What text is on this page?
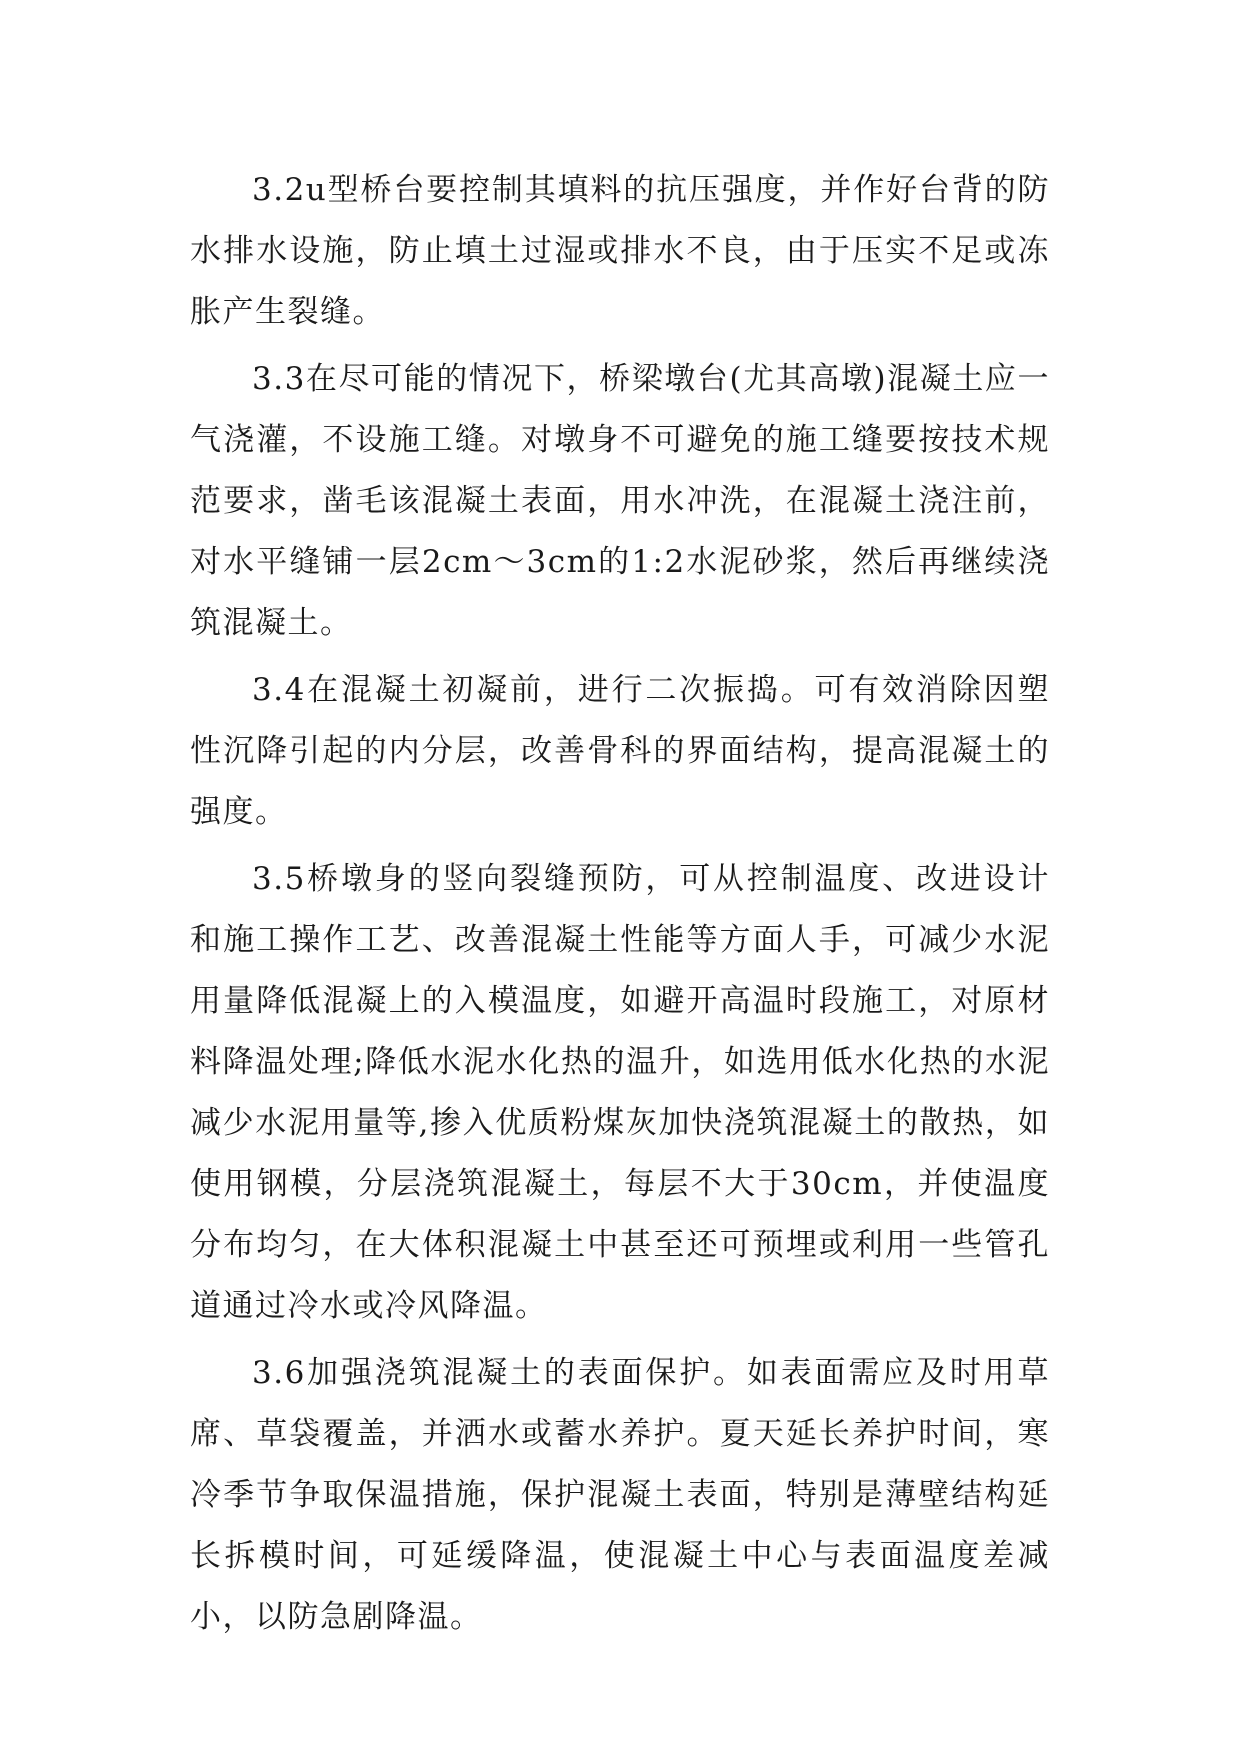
3.2u型桥台要控制其填料的抗压强度，并作好台背的防水排水设施，防止填土过湿或排水不良，由于压实不足或冻胀产生裂缝。

3.3在尽可能的情况下，桥梁墩台(尤其高墩)混凝土应一气浇灌，不设施工缝。对墩身不可避免的施工缝要按技术规范要求，凿毛该混凝土表面，用水冲洗，在混凝土浇注前，对水平缝铺一层2cm～3cm的1:2水泥砂浆，然后再继续浇筑混凝土。

3.4在混凝土初凝前，进行二次振捣。可有效消除因塑性沉降引起的内分层，改善骨科的界面结构，提高混凝土的强度。

3.5桥墩身的竖向裂缝预防，可从控制温度、改进设计和施工操作工艺、改善混凝土性能等方面人手，可减少水泥用量降低混凝上的入模温度，如避开高温时段施工，对原材料降温处理;降低水泥水化热的温升，如选用低水化热的水泥减少水泥用量等,掺入优质粉煤灰加快浇筑混凝土的散热，如使用钢模，分层浇筑混凝土，每层不大于30cm，并使温度分布均匀，在大体积混凝土中甚至还可预埋或利用一些管孔道通过冷水或冷风降温。

3.6加强浇筑混凝土的表面保护。如表面需应及时用草席、草袋覆盖，并洒水或蓄水养护。夏天延长养护时间，寒冷季节争取保温措施，保护混凝土表面，特别是薄壁结构延长拆模时间，可延缓降温，使混凝土中心与表面温度差减小，以防急剧降温。
